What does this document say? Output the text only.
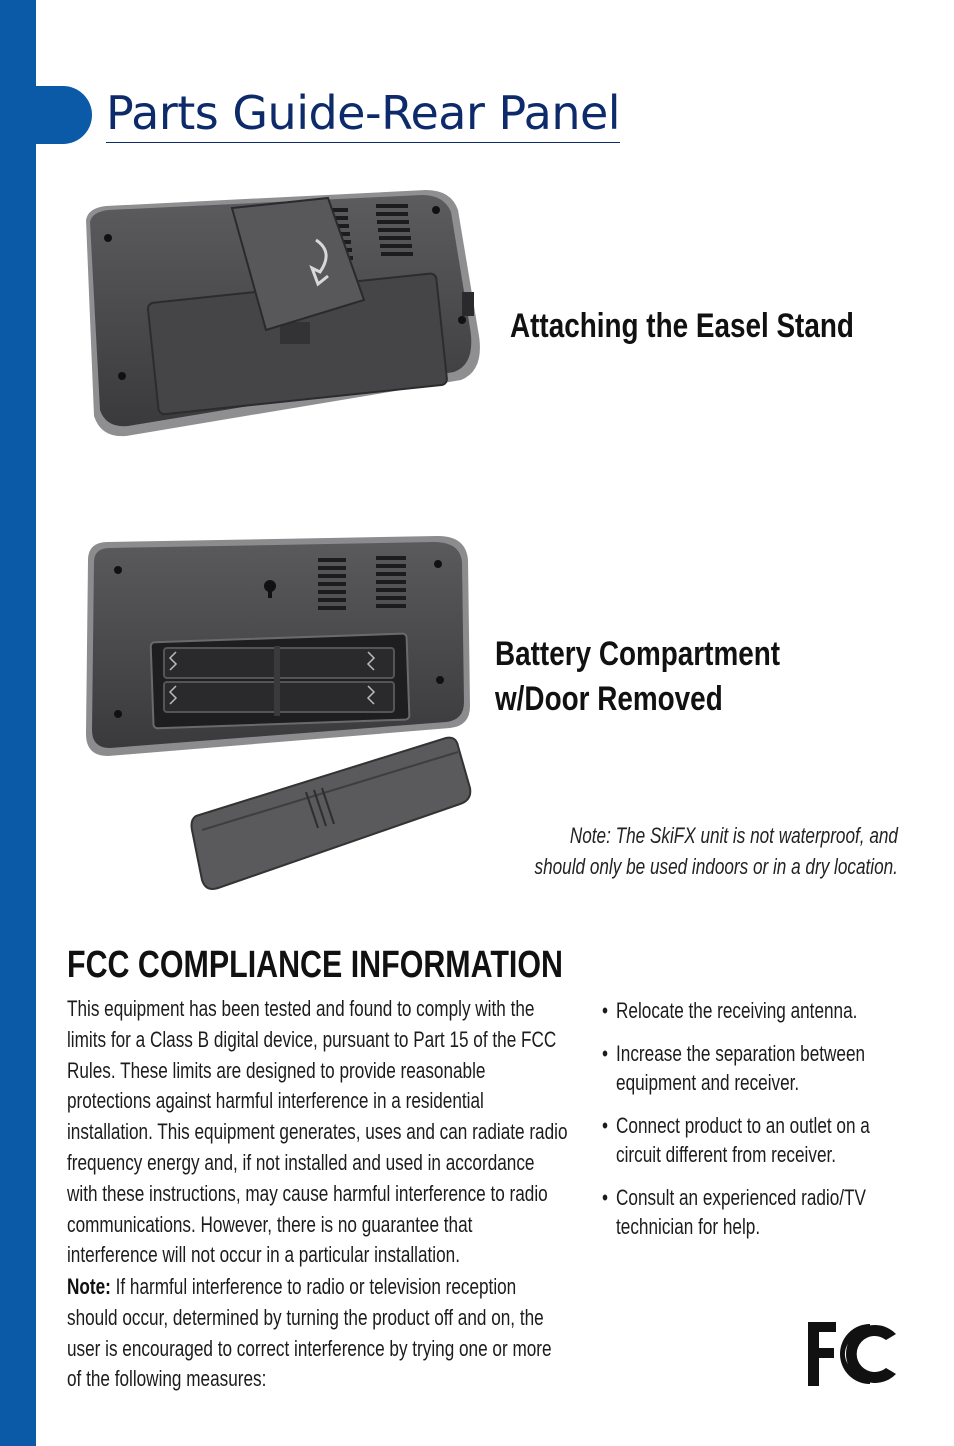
Parts Guide-Rear Panel
Attaching the Easel Stand
Battery Compartment
w/Door Removed
Note: The SkiFX unit is not waterproof, and
should only be used indoors or in a dry location.
FCC COMPLIANCE INFORMATION

This equipment has been tested and found to comply with the limits for a Class B digital device, pursuant to Part 15 of the FCC Rules. These limits are designed to provide reasonable protections against harmful interference in a residential installation. This equipment generates, uses and can radiate radio frequency energy and, if not installed and used in accordance with these instructions, may cause harmful interference to radio communications. However, there is no guarantee that interference will not occur in a particular installation.

Note: If harmful interference to radio or television reception should occur, determined by turning the product off and on, the user is encouraged to correct interference by trying one or more of the following measures:

• Relocate the receiving antenna.
• Increase the separation between equipment and receiver.
• Connect product to an outlet on a circuit different from receiver.
• Consult an experienced radio/TV technician for help.
